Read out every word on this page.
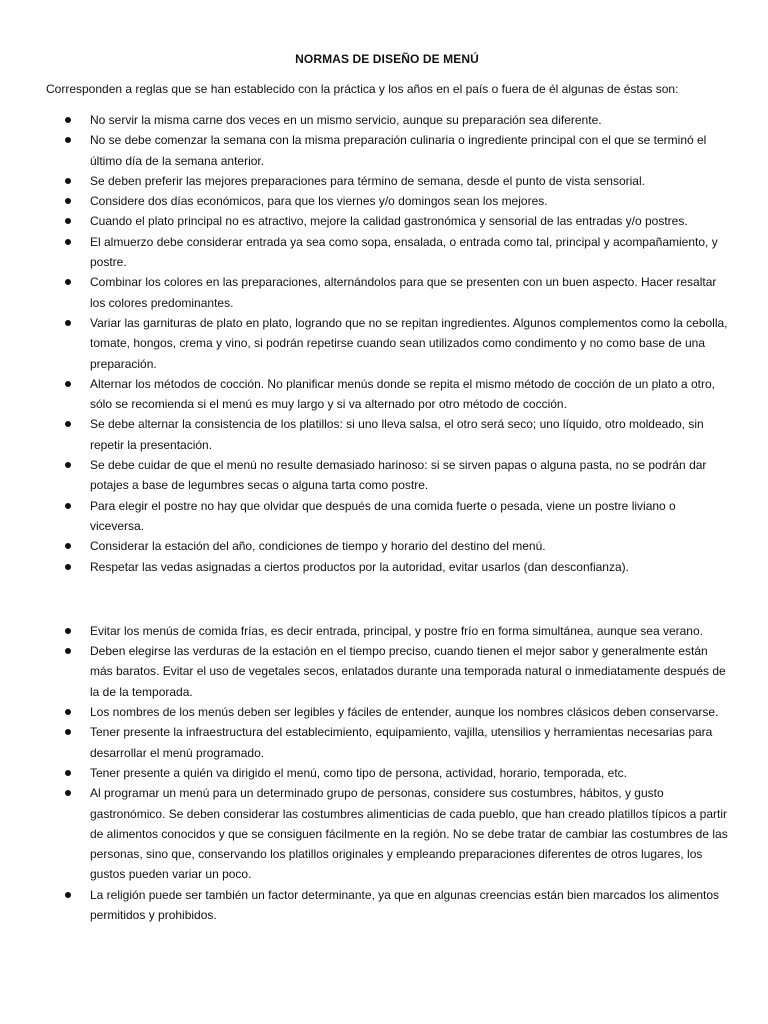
NORMAS DE DISEÑO DE MENÚ
Corresponden a reglas que se han establecido con la práctica y los años en el país o fuera de él algunas de éstas son:
No servir la misma carne dos veces en un mismo servicio, aunque su preparación sea diferente.
No se debe comenzar la semana con la misma preparación culinaria o ingrediente principal con el que se terminó el último día de la semana anterior.
Se deben preferir las mejores preparaciones para término de semana, desde el punto de vista sensorial.
Considere dos días económicos, para que los viernes y/o domingos sean los mejores.
Cuando el plato principal no es atractivo, mejore la calidad gastronómica y sensorial de las entradas y/o postres.
El almuerzo debe considerar entrada ya sea como sopa, ensalada, o entrada como tal, principal y acompañamiento, y postre.
Combinar los colores en las preparaciones, alternándolos para que se presenten con un buen aspecto. Hacer resaltar los colores predominantes.
Variar las garnituras de plato en plato, logrando que no se repitan ingredientes. Algunos complementos como la cebolla, tomate, hongos, crema y vino, si podrán repetirse cuando sean utilizados como condimento y no como base de una preparación.
Alternar los métodos de cocción. No planificar menús donde se repita el mismo método de cocción de un plato a otro, sólo se recomienda si el menú es muy largo y si va alternado por otro método de cocción.
Se debe alternar la consistencia de los platillos: si uno lleva salsa, el otro será seco; uno líquido, otro moldeado, sin repetir la presentación.
Se debe cuidar de que el menú no resulte demasiado harinoso: si se sirven papas o alguna pasta, no se podrán dar potajes a base de legumbres secas o alguna tarta como postre.
Para elegir el postre no hay que olvidar que después de una comida fuerte o pesada, viene un postre liviano o viceversa.
Considerar la estación del año, condiciones de tiempo y horario del destino del menú.
Respetar las vedas asignadas a ciertos productos por la autoridad, evitar usarlos (dan desconfianza).
Evitar los menús de comida frías, es decir entrada, principal, y postre frío en forma simultánea, aunque sea verano.
Deben elegirse las verduras de la estación en el tiempo preciso, cuando tienen el mejor sabor y generalmente están más baratos. Evitar el uso de vegetales secos, enlatados durante una temporada natural o inmediatamente después de la de la temporada.
Los nombres de los menús deben ser legibles y fáciles de entender, aunque los nombres clásicos deben conservarse.
Tener presente la infraestructura del establecimiento, equipamiento, vajilla, utensilios y herramientas necesarias para desarrollar el menú programado.
Tener presente a quién va dirigido el menú, como tipo de persona, actividad, horario, temporada, etc.
Al programar un menú para un determinado grupo de personas, considere sus costumbres, hábitos, y gusto gastronómico. Se deben considerar las costumbres alimenticias de cada pueblo, que han creado platillos típicos a partir de alimentos conocidos y que se consiguen fácilmente en la región. No se debe tratar de cambiar las costumbres de las personas, sino que, conservando los platillos originales y empleando preparaciones diferentes de otros lugares, los gustos pueden variar un poco.
La religión puede ser también un factor determinante, ya que en algunas creencias están bien marcados los alimentos permitidos y prohibidos.
